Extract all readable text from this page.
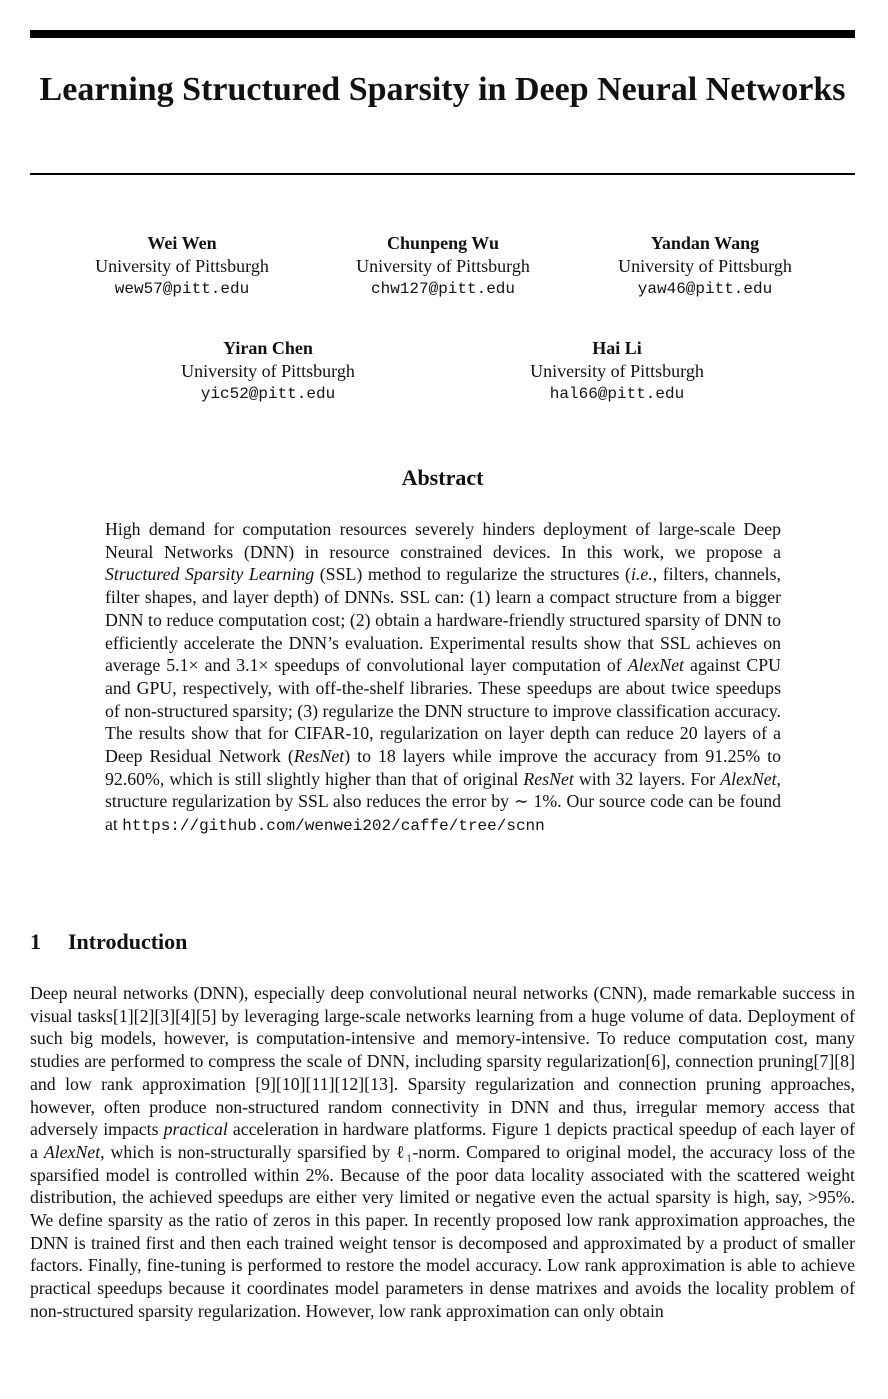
Learning Structured Sparsity in Deep Neural Networks
Wei Wen
University of Pittsburgh
wew57@pitt.edu
Chunpeng Wu
University of Pittsburgh
chw127@pitt.edu
Yandan Wang
University of Pittsburgh
yaw46@pitt.edu
Yiran Chen
University of Pittsburgh
yic52@pitt.edu
Hai Li
University of Pittsburgh
hal66@pitt.edu
Abstract
High demand for computation resources severely hinders deployment of large-scale Deep Neural Networks (DNN) in resource constrained devices. In this work, we propose a Structured Sparsity Learning (SSL) method to regularize the structures (i.e., filters, channels, filter shapes, and layer depth) of DNNs. SSL can: (1) learn a compact structure from a bigger DNN to reduce computation cost; (2) obtain a hardware-friendly structured sparsity of DNN to efficiently accelerate the DNN’s evaluation. Experimental results show that SSL achieves on average 5.1× and 3.1× speedups of convolutional layer computation of AlexNet against CPU and GPU, respectively, with off-the-shelf libraries. These speedups are about twice speedups of non-structured sparsity; (3) regularize the DNN structure to improve classification accuracy. The results show that for CIFAR-10, regularization on layer depth can reduce 20 layers of a Deep Residual Network (ResNet) to 18 layers while improve the accuracy from 91.25% to 92.60%, which is still slightly higher than that of original ResNet with 32 layers. For AlexNet, structure regularization by SSL also reduces the error by ∼ 1%. Our source code can be found at https://github.com/wenwei202/caffe/tree/scnn
1 Introduction
Deep neural networks (DNN), especially deep convolutional neural networks (CNN), made remarkable success in visual tasks[1][2][3][4][5] by leveraging large-scale networks learning from a huge volume of data. Deployment of such big models, however, is computation-intensive and memory-intensive. To reduce computation cost, many studies are performed to compress the scale of DNN, including sparsity regularization[6], connection pruning[7][8] and low rank approximation [9][10][11][12][13]. Sparsity regularization and connection pruning approaches, however, often produce non-structured random connectivity in DNN and thus, irregular memory access that adversely impacts practical acceleration in hardware platforms. Figure 1 depicts practical speedup of each layer of a AlexNet, which is non-structurally sparsified by ℓ₁-norm. Compared to original model, the accuracy loss of the sparsified model is controlled within 2%. Because of the poor data locality associated with the scattered weight distribution, the achieved speedups are either very limited or negative even the actual sparsity is high, say, >95%. We define sparsity as the ratio of zeros in this paper. In recently proposed low rank approximation approaches, the DNN is trained first and then each trained weight tensor is decomposed and approximated by a product of smaller factors. Finally, fine-tuning is performed to restore the model accuracy. Low rank approximation is able to achieve practical speedups because it coordinates model parameters in dense matrixes and avoids the locality problem of non-structured sparsity regularization. However, low rank approximation can only obtain
